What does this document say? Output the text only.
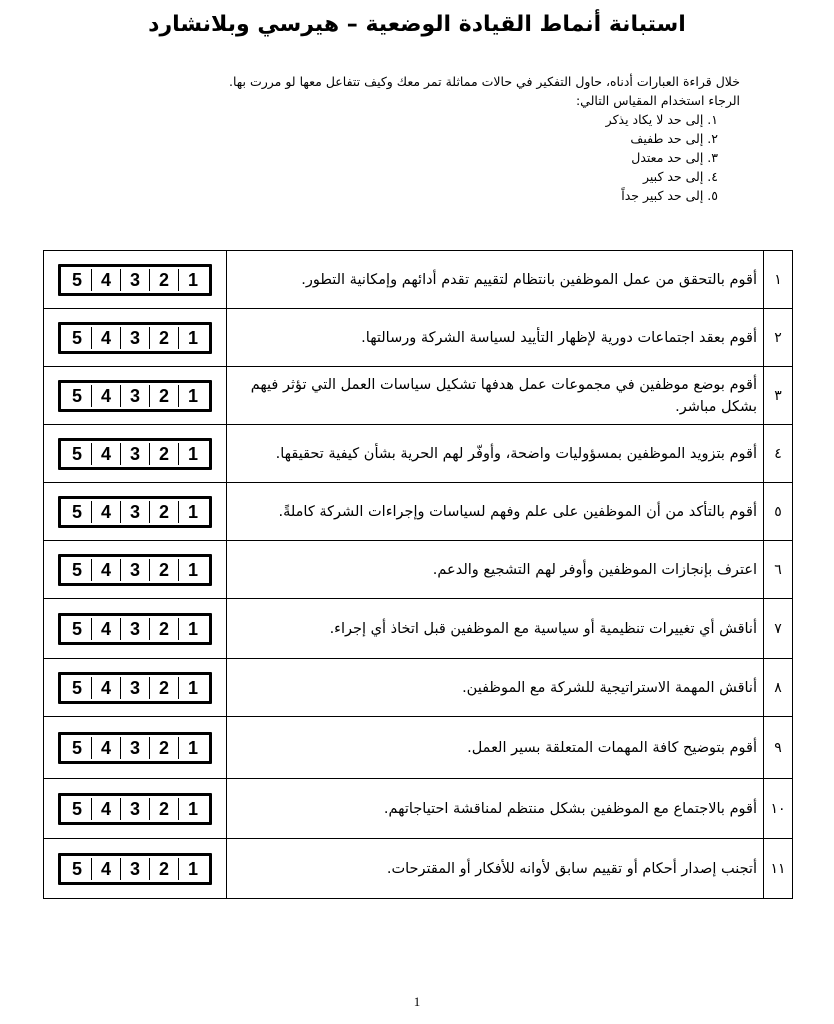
استبانة أنماط القيادة الوضعية – هيرسي وبلانشارد

خلال قراءة العبارات أدناه، حاول التفكير في حالات مماثلة تمر معك وكيف تتفاعل معها لو مررت بها.

الرجاء استخدام المقياس التالي:

١. إلى حد لا يكاد يذكر
٢. إلى حد طفيف
٣. إلى حد معتدل
٤. إلى حد كبير
٥. إلى حد كبير جداً
١	أقوم بالتحقق من عمل الموظفين بانتظام لتقييم تقدم أدائهم وإمكانية التطور.	5 4 3 2 1

٢	أقوم بعقد اجتماعات دورية لإظهار التأييد لسياسة الشركة ورسالتها.	5 4 3 2 1

٣	أقوم بوضع موظفين في مجموعات عمل هدفها تشكيل سياسات العمل التي تؤثر فيهم بشكل مباشر.	5 4 3 2 1

٤	أقوم بتزويد الموظفين بمسؤوليات واضحة، وأوفّر لهم الحرية بشأن كيفية تحقيقها.	5 4 3 2 1

٥	أقوم بالتأكد من أن الموظفين على علم وفهم لسياسات وإجراءات الشركة كاملةً.	5 4 3 2 1

٦	اعترف بإنجازات الموظفين وأوفر لهم التشجيع والدعم.	5 4 3 2 1

٧	أناقش أي تغييرات تنظيمية أو سياسية مع الموظفين قبل اتخاذ أي إجراء.	5 4 3 2 1

٨	أناقش المهمة الاستراتيجية للشركة مع الموظفين.	5 4 3 2 1

٩	أقوم بتوضيح كافة المهمات المتعلقة بسير العمل.	5 4 3 2 1

١٠	أقوم بالاجتماع مع الموظفين بشكل منتظم لمناقشة احتياجاتهم.	5 4 3 2 1

١١	أتجنب إصدار أحكام أو تقييم سابق لأوانه للأفكار أو المقترحات.	5 4 3 2 1
1
